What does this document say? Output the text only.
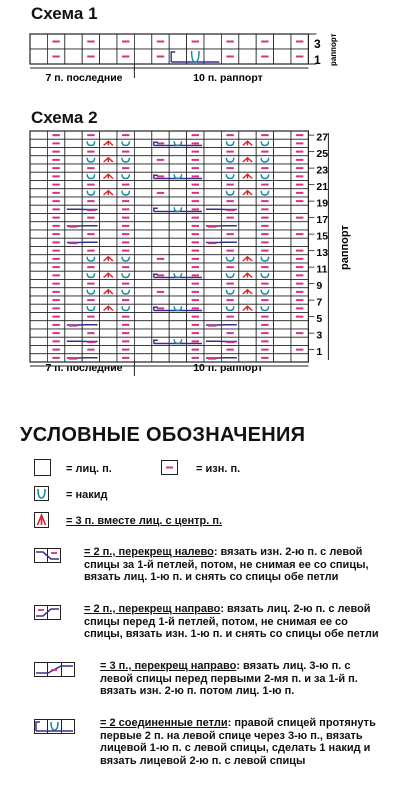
Схема 1
Схема 2
7 п. последние	10 п. раппорт
3
1 раппорт
7 п. последние	10 п. раппорт
раппорт
27
25
23
21
19
17
15
13
11
9
7
5
3
1
УСЛОВНЫЕ ОБОЗНАЧЕНИЯ
= лиц. п.	= изн. п.
= накид
= 3 п. вместе лиц. с центр. п.
= 2 п., перекрещ налево: вязать изн. 2-ю п. с левой спицы за 1-й петлей, потом, не снимая ее со спицы, вязать лиц. 1-ю п. и снять со спицы обе петли
= 2 п., перекрещ направо: вязать лиц. 2-ю п. с левой спицы перед 1-й петлей, потом, не снимая ее со спицы, вязать изн. 1-ю п. и снять со спицы обе петли
= 3 п., перекрещ направо: вязать лиц. 3-ю п. с левой спицы перед первыми 2-мя п. и за 1-й п. вязать изн. 2-ю п. потом лиц. 1-ю п.
= 2 соединенные петли: правой спицей протянуть первые 2 п. на левой спице через 3-ю п., вязать лицевой 1-ю п. с левой спицы, сделать 1 накид и вязать лицевой 2-ю п. с левой спицы
